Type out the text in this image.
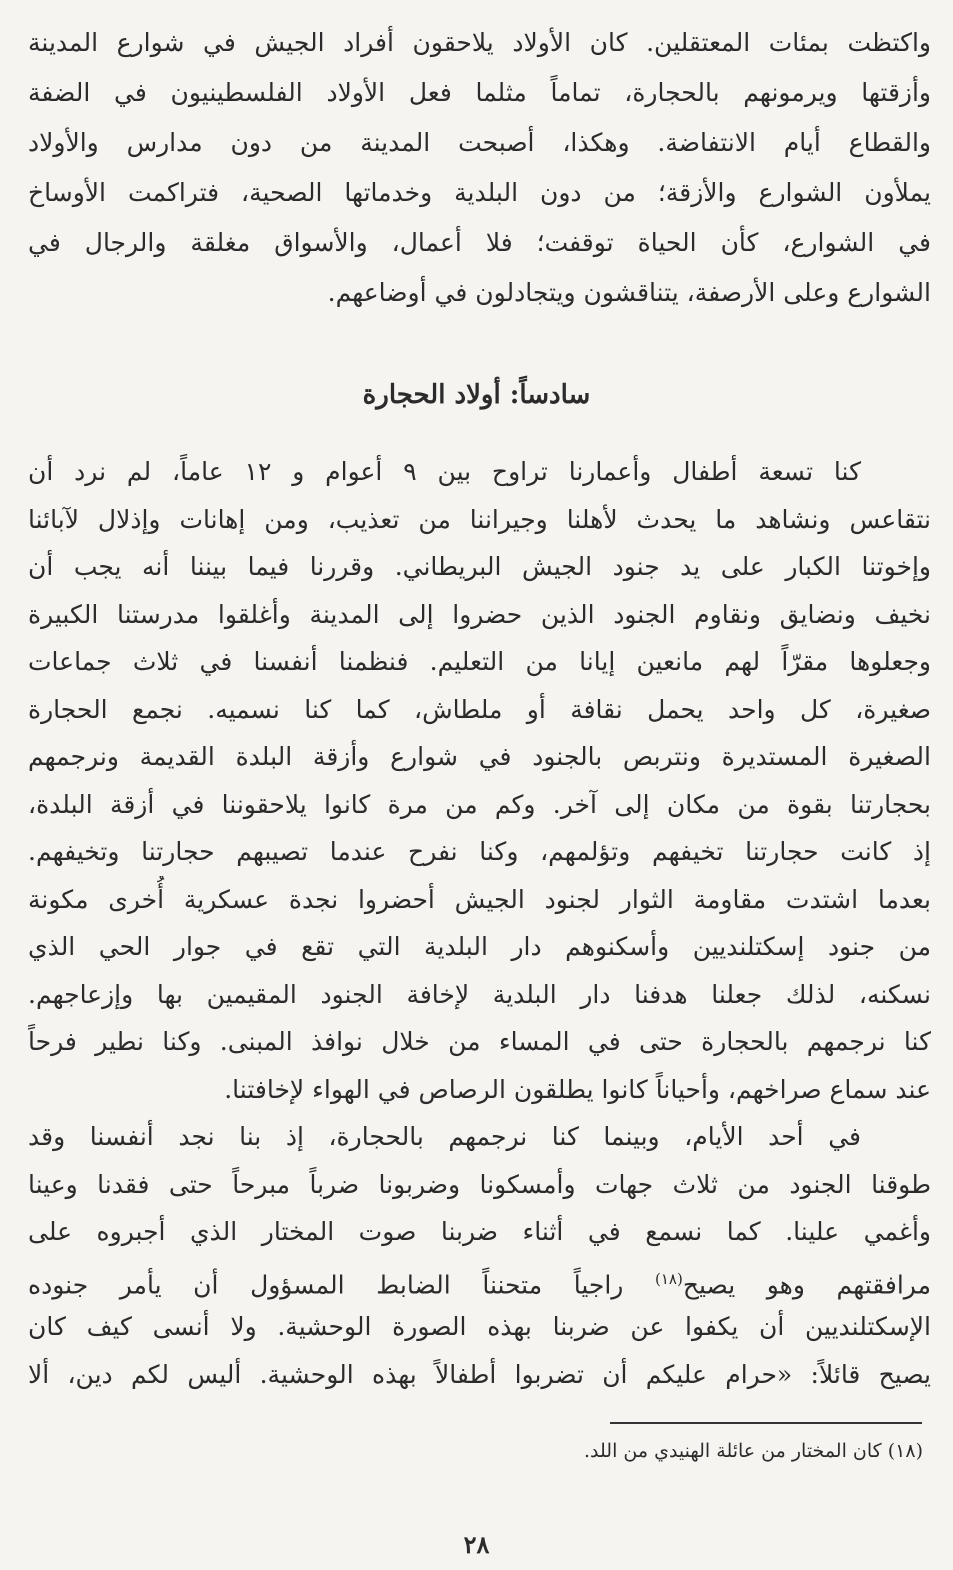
واكتظت بمئات المعتقلين. كان الأولاد يلاحقون أفراد الجيش في شوارع المدينة
وأزقتها ويرمونهم بالحجارة، تماماً مثلما فعل الأولاد الفلسطينيون في الضفة
والقطاع أيام الانتفاضة. وهكذا، أصبحت المدينة من دون مدارس والأولاد
يملأون الشوارع والأزقة؛ من دون البلدية وخدماتها الصحية، فتراكمت الأوساخ
في الشوارع، كأن الحياة توقفت؛ فلا أعمال، والأسواق مغلقة والرجال في
الشوارع وعلى الأرصفة، يتناقشون ويتجادلون في أوضاعهم.
سادساً: أولاد الحجارة
كنا تسعة أطفال وأعمارنا تراوح بين ٩ أعوام و ١٢ عاماً، لم نرد أن
نتقاعس ونشاهد ما يحدث لأهلنا وجيراننا من تعذيب، ومن إهانات وإذلال لآبائنا
وإخوتنا الكبار على يد جنود الجيش البريطاني. وقررنا فيما بيننا أنه يجب أن
نخيف ونضايق ونقاوم الجنود الذين حضروا إلى المدينة وأغلقوا مدرستنا الكبيرة
وجعلوها مقرّاً لهم مانعين إيانا من التعليم. فنظمنا أنفسنا في ثلاث جماعات
صغيرة، كل واحد يحمل نقافة أو ملطاش، كما كنا نسميه. نجمع الحجارة
الصغيرة المستديرة ونتربص بالجنود في شوارع وأزقة البلدة القديمة ونرجمهم
بحجارتنا بقوة من مكان إلى آخر. وكم من مرة كانوا يلاحقوننا في أزقة البلدة،
إذ كانت حجارتنا تخيفهم وتؤلمهم، وكنا نفرح عندما تصيبهم حجارتنا وتخيفهم.
بعدما اشتدت مقاومة الثوار لجنود الجيش أحضروا نجدة عسكرية أُخرى مكونة
من جنود إسكتلنديين وأسكنوهم دار البلدية التي تقع في جوار الحي الذي
نسكنه، لذلك جعلنا هدفنا دار البلدية لإخافة الجنود المقيمين بها وإزعاجهم.
كنا نرجمهم بالحجارة حتى في المساء من خلال نوافذ المبنى. وكنا نطير فرحاً
عند سماع صراخهم، وأحياناً كانوا يطلقون الرصاص في الهواء لإخافتنا.
في أحد الأيام، وبينما كنا نرجمهم بالحجارة، إذ بنا نجد أنفسنا وقد
طوقنا الجنود من ثلاث جهات وأمسكونا وضربونا ضرباً مبرحاً حتى فقدنا وعينا
وأغمي علينا. كما نسمع في أثناء ضربنا صوت المختار الذي أجبروه على
مرافقتهم وهو يصيح$^{(١٨)}$ راجياً متحنناً الضابط المسؤول أن يأمر جنوده
الإسكتلنديين أن يكفوا عن ضربنا بهذه الصورة الوحشية. ولا أنسى كيف كان
يصيح قائلاً: «حرام عليكم أن تضربوا أطفالاً بهذه الوحشية. أليس لكم دين، ألا
(١٨) كان المختار من عائلة الهنيدي من اللد.
٢٨
